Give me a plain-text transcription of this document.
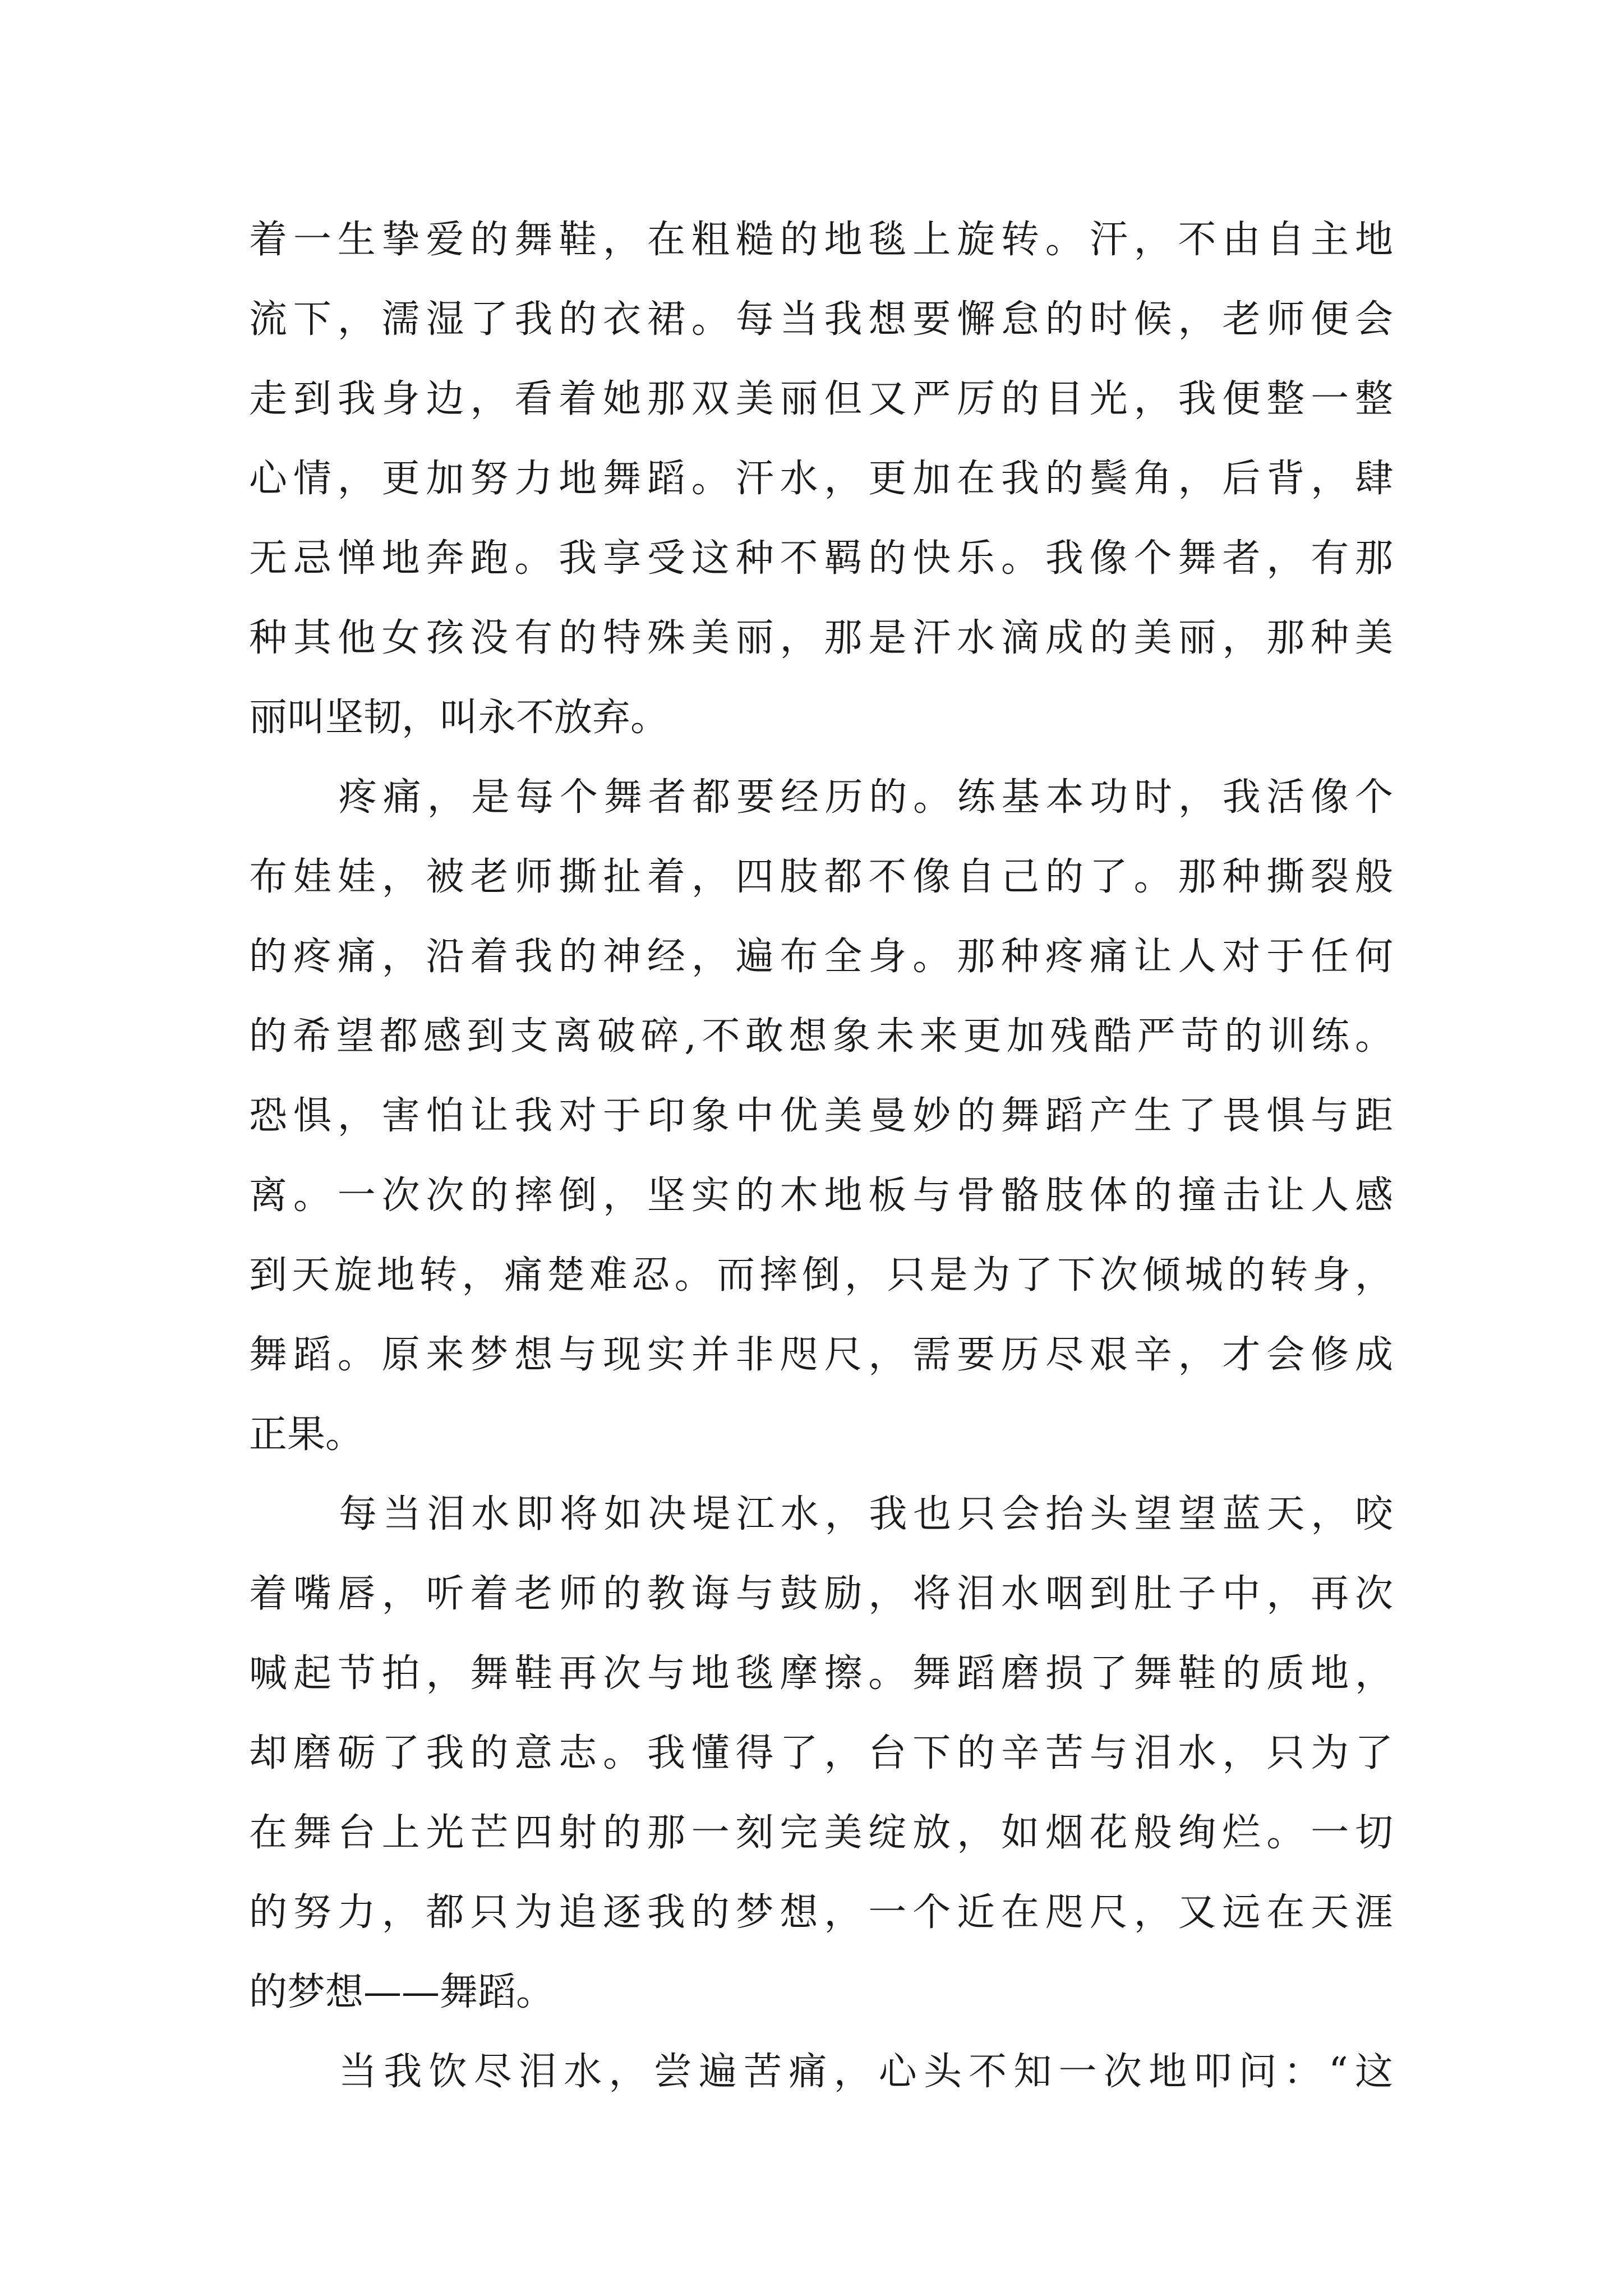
着一生挚爱的舞鞋，在粗糙的地毯上旋转。汗，不由自主地
流下，濡湿了我的衣裙。每当我想要懈怠的时候，老师便会
走到我身边，看着她那双美丽但又严厉的目光，我便整一整
心情，更加努力地舞蹈。汗水，更加在我的鬓角，后背，肆
无忌惮地奔跑。我享受这种不羁的快乐。我像个舞者，有那
种其他女孩没有的特殊美丽，那是汗水滴成的美丽，那种美
丽叫坚韧，叫永不放弃。
疼痛，是每个舞者都要经历的。练基本功时，我活像个
布娃娃，被老师撕扯着，四肢都不像自己的了。那种撕裂般
的疼痛，沿着我的神经，遍布全身。那种疼痛让人对于任何
的希望都感到支离破碎,不敢想象未来更加残酷严苛的训练。
恐惧，害怕让我对于印象中优美曼妙的舞蹈产生了畏惧与距
离。一次次的摔倒，坚实的木地板与骨骼肢体的撞击让人感
到天旋地转，痛楚难忍。而摔倒，只是为了下次倾城的转身，
舞蹈。原来梦想与现实并非咫尺，需要历尽艰辛，才会修成
正果。
每当泪水即将如决堤江水，我也只会抬头望望蓝天，咬
着嘴唇，听着老师的教诲与鼓励，将泪水咽到肚子中，再次
喊起节拍，舞鞋再次与地毯摩擦。舞蹈磨损了舞鞋的质地，
却磨砺了我的意志。我懂得了，台下的辛苦与泪水，只为了
在舞台上光芒四射的那一刻完美绽放，如烟花般绚烂。一切
的努力，都只为追逐我的梦想，一个近在咫尺，又远在天涯
的梦想——舞蹈。
当我饮尽泪水，尝遍苦痛，心头不知一次地叩问：“这
